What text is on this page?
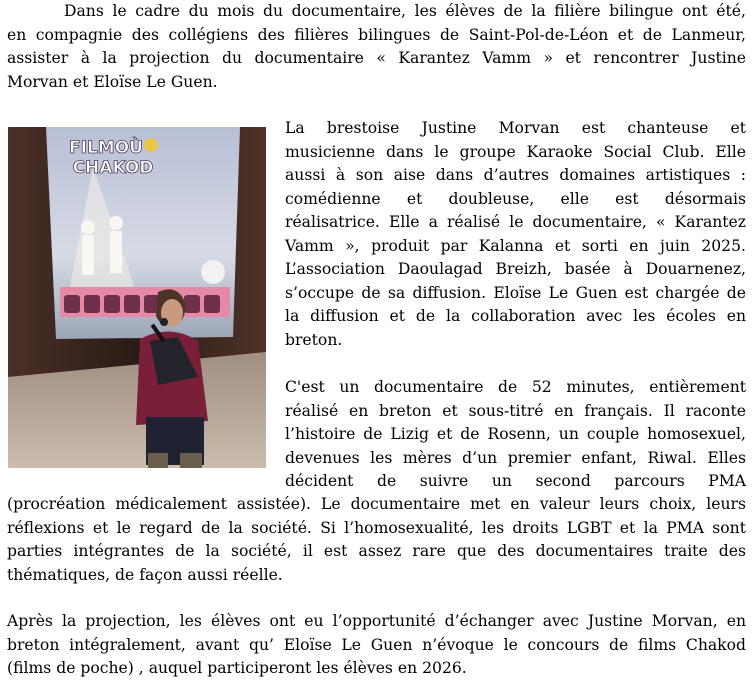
Dans le cadre du mois du documentaire, les élèves de la filière bilingue ont été,

en compagnie des collégiens des filières bilingues de Saint-Pol-de-Léon et de Lanmeur,

assister à la projection du documentaire « Karantez Vamm » et rencontrer Justine

Morvan et Eloïse Le Guen.

FILMOÙ
CHAKOD

La brestoise Justine Morvan est chanteuse et

musicienne dans le groupe Karaoke Social Club. Elle

aussi à son aise dans d’autres domaines artistiques :

comédienne et doubleuse, elle est désormais

réalisatrice. Elle a réalisé le documentaire, « Karantez

Vamm », produit par Kalanna et sorti en juin 2025.

L’association Daoulagad Breizh, basée à Douarnenez,

s’occupe de sa diffusion. Eloïse Le Guen est chargée de

la diffusion et de la collaboration avec les écoles en

breton.

C'est un documentaire de 52 minutes, entièrement

réalisé en breton et sous-titré en français. Il raconte

l’histoire de Lizig et de Rosenn, un couple homosexuel,

devenues les mères d’un premier enfant, Riwal. Elles

décident de suivre un second parcours PMA

(procréation médicalement assistée). Le documentaire met en valeur leurs choix, leurs

réflexions et le regard de la société. Si l’homosexualité, les droits LGBT et la PMA sont

parties intégrantes de la société, il est assez rare que des documentaires traite des

thématiques, de façon aussi réelle.

Après la projection, les élèves ont eu l’opportunité d’échanger avec Justine Morvan, en

breton intégralement, avant qu’ Eloïse Le Guen n’évoque le concours de films Chakod

(films de poche) , auquel participeront les élèves en 2026.
